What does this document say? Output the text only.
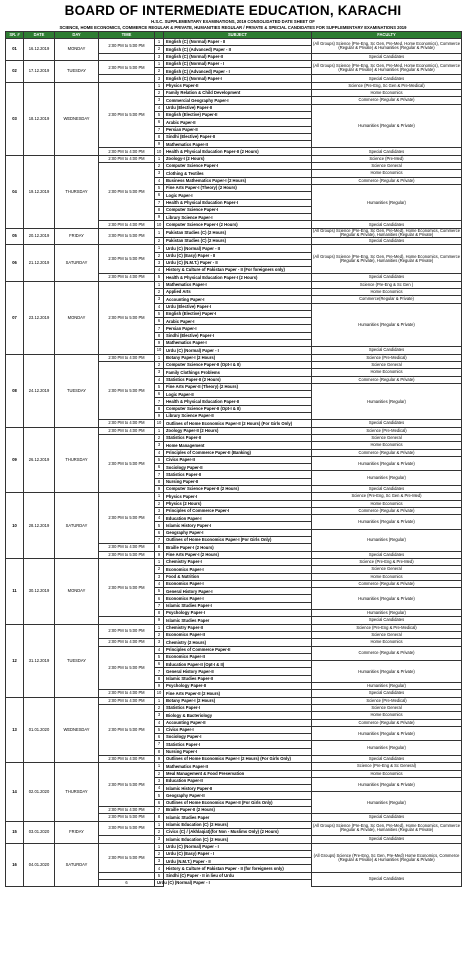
BOARD OF INTERMEDIATE EDUCATION, KARACHI
H.S.C. SUPPLEMENTARY EXAMINATIONS, 2019 CONSOLIDATED DATE SHEET OF
SCIENCE, HOME ECONOMICS, COMMERCE REGULAR & PRIVATE, HUMANITIES REGULAR / PRIVATE & SPECIAL CANDIDATES FOR SUPPLEMENTARY EXAMINATIONS 2019
SR. #	DATE	DAY	TIME		SUBJECT	FACULTY
01	16.12.2019	MONDAY	2:00 PM to 5:00 PM	1	English (C) (Normal) Paper - II	(All Groups) Science (Pre-Eng, Sc Gen, Pre-Med, Home Economics), Commerce (Regular & Private) & Humanities (Regular & Private)
				2	English (C) (Advanced) Paper - II	
				3	English (C) (Normal) Paper-II	Special Candidates
02	17.12.2019	TUESDAY	2:00 PM to 5:00 PM	1	English (C) (Normal) Paper - I	(All Groups) Science (Pre-Eng, Sc Gen, Pre-Med, Home Economics), Commerce (Regular & Private) & Humanities (Regular & Private)
				2	English (C) (Advanced) Paper - I	
				3	English (C) (Normal) Paper-I	Special Candidates
03	18.12.2019	WEDNESDAY	2:00 PM to 5:00 PM	1	Physics Paper-II	Science (Pre-Eng, Sc Gen & Pre-Medical)
				2	Family Relation & Child Development	Home Economics
				3	Commercial Geography Paper-I	Commerce (Regular & Private)
				4	Urdu (Elective) Paper-II	Humanities (Regular & Private)
				5	English (Elective) Paper-II	
				6	Arabic Paper-II	
				7	Persian Paper-II	
				8	Sindhi (Elective) Paper-II	
				9	Mathematics Paper-II	
			2:00 PM to 4:00 PM	10	Health & Physical Education Paper-II (2 Hours)	Special Candidates
04	19.12.2019	THURSDAY	2:00 PM to 4:00 PM	1	Zoology-I (2 Hours)	Science (Pre-Med)
			2:00 PM to 5:00 PM	2	Computer Science Paper-I	Science General
				3	Clothing & Textiles	Home Economics
				4	Business Mathematics Paper-I (2 Hours)	Commerce (Regular & Private)
				5	Fine Arts Paper-I (Theory) (2 Hours)	Humanities (Regular)
				6	Logic Paper-I	
				7	Health & Physical Education Paper-I	
				8	Computer Science Paper-I	
				9	Library Science Paper-I	
			2:00 PM to 4:00 PM	10	Computer Science Paper-I (2 Hours)	Special Candidates
05	20.12.2019	FRIDAY	3:00 PM to 5:00 PM	1	Pakistan Studies (C) (2 Hours)	(All Groups) Science (Pre-Eng, Sc Gen, Pre-Med), Home Economics, Commerce (Regular & Private), Humanities (Regular & Private)
				2	Pakistan Studies (C) (2 Hours)	Special Candidates
06	21.12.2019	SATURDAY	2:00 PM to 5:00 PM	1	Urdu (C) (Normal) Paper - II	(All Groups) Science (Pre-Eng, Sc Gen, Pre-Med), Home Economics, Commerce (Regular & Private), Humanities (Regular & Private)
				2	Urdu (C) (Easy) Paper - II	
				3	Urdu (C) (N.M.T.) Paper - II	
				4	History & Culture of Pakistan Paper - II (For foreigners only)	
			2:00 PM to 4:00 PM	5	Health & Physical Education Paper-I (2 Hours)	Special Candidates
07	23.12.2019	MONDAY	2:00 PM to 5:00 PM	1	Mathematics Paper-I	Science (Pre-Eng & Sc Gen )
				2	Applied Arts	Home Economics
				3	Accounting Paper-I	Commerce(Regular & Private)
				4	Urdu (Elective) Paper-I	Humanities (Regular & Private)
				5	English (Elective) Paper-I	
				6	Arabic Paper-I	
				7	Persian Paper-I	
				8	Sindhi (Elective) Paper-I	
				9	Mathematics Paper-I	
				10	Urdu (C) (Normal) Paper - I	Special Candidates
08	24.12.2019	TUESDAY	2:00 PM to 4:00 PM	1	Botany Paper-I (2 Hours)	Science (Pre-Medical)
			2:00 PM to 5:00 PM	2	Computer Science Paper-II (Opt-I & II)	Science General
				3	Family Clothings Problems	Home Economics
				4	Statistics Paper-II (2 Hours)	Commerce (Regular & Private)
				5	Fine Arts Paper-II (Theory) (2 Hours)	Humanities (Regular)
				6	Logic Paper-II	
				7	Health & Physical Education Paper-II	
				8	Computer Science Paper-II (Opt-I & II)	
				9	Library Science Paper-II	
			2:00 PM to 4:00 PM	10	Outlines of Home Economics Paper-II (2 Hours) (For Girls Only)	Special Candidates
09	26.12.2019	THURSDAY	2:00 PM to 4:00 PM	1	Zoology Paper-II (2 Hours)	Science (Pre-Medical)
			2:00 PM to 5:00 PM	2	Statistics Paper-II	Science General
				3	Home Management	Home Economics
				4	Principles of Commerce Paper-II (Banking)	Commerce (Regular & Private)
				5	Civics Paper-II	Humanities (Regular & Private)
				6	Sociology Paper-II	
				7	Statistics Paper-II	Humanities (Regular)
				8	Nursing Paper-II	
				9	Computer Science Paper-II (2 Hours)	Special Candidates
10	28.12.2019	SATURDAY	2:00 PM to 5:00 PM	1	Physics Paper-I	Science (Pre-Eng, Sc Gen & Pre-Med)
				2	Physics (2 Hours)	Home Economics
				3	Principles of Commerce Paper-I	Commerce (Regular & Private)
				4	Education Paper-I	Humanities (Regular & Private)
				5	Islamic History Paper-I	
				6	Geography Paper-I	Humanities (Regular)
				7	Outlines of Home Economics Paper-I (For Girls Only)	
			2:00 PM to 4:00 PM	8	Braille Paper-I (2 Hours)	
			2:00 PM to 5:00 PM	9	Fine Arts Paper-I (2 Hours)	Special Candidates
11	30.12.2019	MONDAY	2:00 PM to 5:00 PM	1	Chemistry Paper-I	Science (Pre-Eng & Pre-Med)
				2	Economics Paper-I	Science General
				3	Food & Nutrition	Home Economics
				4	Economics Paper-I	Commerce (Regular & Private)
				5	General History Paper-I	Humanities (Regular & Private)
				6	Economics Paper-I	
				7	Islamic Studies Paper-I	
				8	Psychology Paper-I	Humanities (Regular)
				9	Islamic Studies Paper	Special Candidates
12	31.12.2019	TUESDAY	2:00 PM to 5:00 PM	1	Chemistry Paper-II	Science (Pre-Eng & Pre-Medical)
				2	Economics Paper-II	Science General
			2:00 PM to 4:00 PM	3	Chemistry (2 Hours)	Home Economics
			2:00 PM to 5:00 PM	4	Principles of Commerce Paper-II	Commerce (Regular & Private)
				5	Economics Paper-II	
				6	Education Paper-II (Opt-I & II)	Humanities (Regular & Private)
				7	General History Paper-II	
				8	Islamic Studies Paper-II	
				9	Psychology Paper-II	Humanities (Regular)
			2:00 PM to 4:00 PM	10	Fine Arts Paper-II (2 Hours)	Special Candidates
13	01.01.2020	WEDNESDAY	2:00 PM to 4:00 PM	1	Botany Paper-I (2 Hours)	Science (Pre-Medical)
			2:00 PM to 5:00 PM	2	Statistics Paper-I	Science General
				3	Biology & Bacteriology	Home Economics
				4	Accounting Paper-II	Commerce (Regular & Private)
				5	Civics Paper-I	Humanities (Regular & Private)
				6	Sociology Paper-I	
				7	Statistics Paper-I	Humanities (Regular)
				8	Nursing Paper-I	
			2:00 PM to 4:00 PM	9	Outlines of Home Economics Paper-I (2 Hours) (For Girls Only)	Special Candidates
14	02.01.2020	THURSDAY	2:00 PM to 5:00 PM	1	Mathematics Paper-II	Science (Pre-Eng & Sc General)
				2	Meal Management & Food Preservation	Home Economics
				3	Education Paper-II	Humanities (Regular & Private)
				4	Islamic History Paper-II	
				5	Geography Paper-II	Humanities (Regular)
				6	Outlines of Home Economics Paper-II (For Girls Only)	
			2:00 PM to 4:00 PM	7	Braille Paper-II (2 Hours)	
			2:00 PM to 5:00 PM	8	Islamic Studies Paper	Special Candidates
15	03.01.2020	FRIDAY	3:00 PM to 5:00 PM	1	Islamic Education (C) (2 Hours)	(All Groups) Science (Pre-Eng, Sc Gen, Pre-Med), Home Economics, Commerce (Regular & Private), Humanities (Regular & Private)
				2	Civics (C) / (Akhlaqiat)(for Non - Muslims Only) (2 Hours)	
				3	Islamic Education (C) (2 Hours)	Special Candidates
16	04.01.2020	SATURDAY	2:00 PM to 5:00 PM	1	Urdu (C) (Normal) Paper - I	(All Groups) Science (Pre-Eng, Sc Gen, Pre-Med) Home Economics, Commerce (Regular & Private) & Humanities (Regular & Private)
				2	Urdu (C) (Easy) Paper - I	
				3	Urdu (N.M.T.) Paper - II	
				4	History & Culture of Pakistan Paper - II (for foreigners only)	
				5	Sindhi (C) Paper - II in lieu of Urdu	Special Candidates
			6	Urdu (C) (Normal) Paper - I		
